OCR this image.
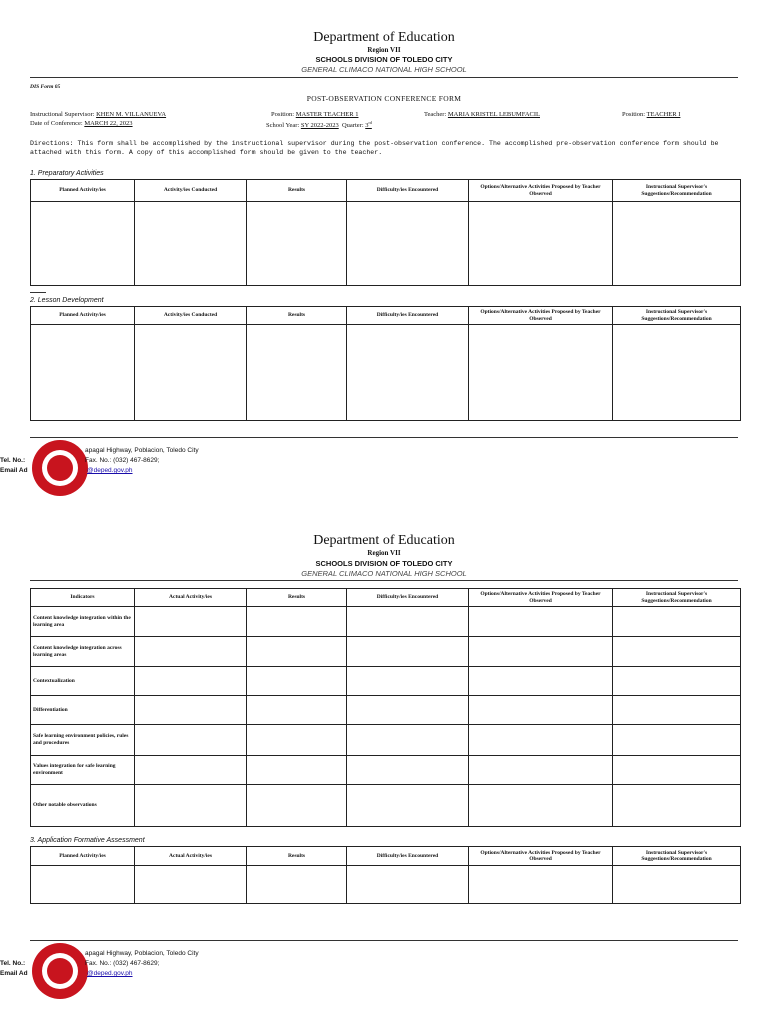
Department of Education
Region VII
SCHOOLS DIVISION OF TOLEDO CITY
GENERAL CLIMACO NATIONAL HIGH SCHOOL
DIS Form 05
POST-OBSERVATION CONFERENCE FORM
Instructional Supervisor: KHEN M. VILLANUEVA	Position: MASTER TEACHER 1	Teacher: MARIA KRISTEL LEBUMFACIL	Position: TEACHER I
Date of Conference: MARCH 22, 2023	School Year: SY 2022-2023 Quarter: 3rd
Directions: This form shall be accomplished by the instructional supervisor during the post-observation conference. The accomplished pre-observation conference form should be attached with this form. A copy of this accomplished form should be given to the teacher.
1. Preparatory Activities
Planned Activity/ies	Activity/ies Conducted	Results	Difficulty/ies Encountered	Options/Alternative Activities Proposed by Teacher Observed	Instructional Supervisor's Suggestions/Recommendation

2. Lesson Development
Planned Activity/ies	Activity/ies Conducted	Results	Difficulty/ies Encountered	Options/Alternative Activities Proposed by Teacher Observed	Instructional Supervisor's Suggestions/Recommendation

apagal Highway, Poblacion, Toledo City
Tel. No.:	Fax. No.: (032) 467-8629;
Email Ad	@deped.gov.ph
Department of Education
Region VII
SCHOOLS DIVISION OF TOLEDO CITY
GENERAL CLIMACO NATIONAL HIGH SCHOOL
Indicators	Actual Activity/ies	Results	Difficulty/ies Encountered	Options/Alternative Activities Proposed by Teacher Observed	Instructional Supervisor's Suggestions/Recommendation
Content knowledge integration within the learning area					
Content knowledge integration across learning areas					
Contextualization					
Differentiation					
Safe learning environment policies, rules and procedures					
Values integration for safe learning environment					
Other notable observations					
3. Application Formative Assessment
Planned Activity/ies	Actual Activity/ies	Results	Difficulty/ies Encountered	Options/Alternative Activities Proposed by Teacher Observed	Instructional Supervisor's Suggestions/Recommendation

apagal Highway, Poblacion, Toledo City
Tel. No.:	Fax. No.: (032) 467-8629;
Email Ad	@deped.gov.ph
